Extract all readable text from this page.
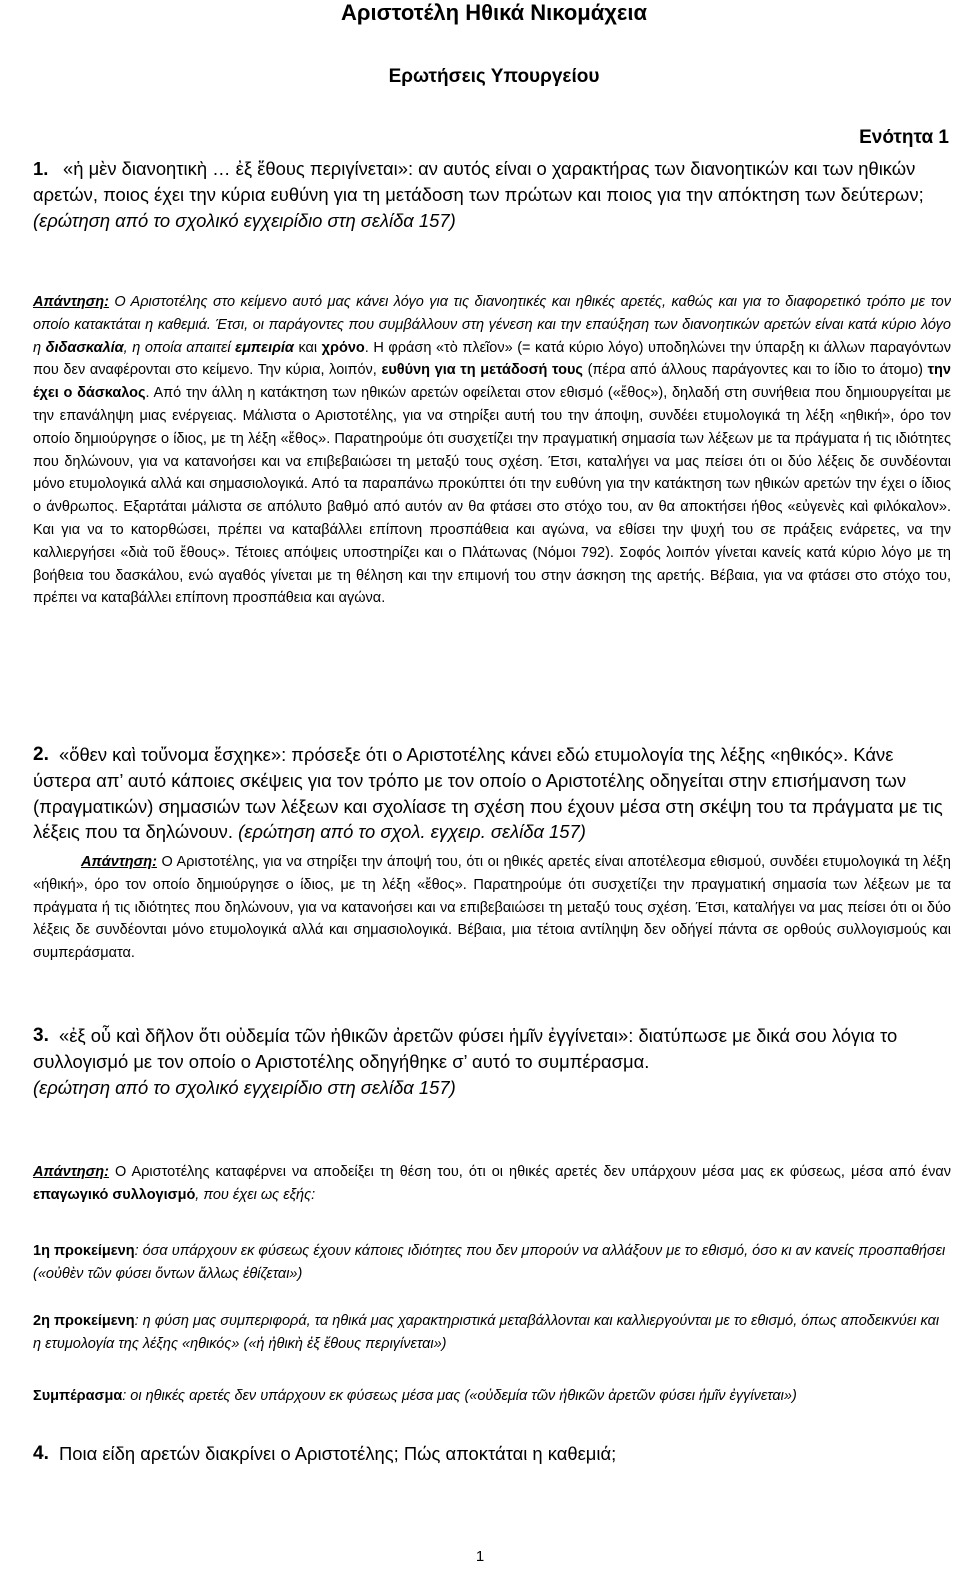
Αριστοτέλη Ηθικά Νικομάχεια
Ερωτήσεις Υπουργείου

Ενότητα 1

1. «ἡ μὲν διανοητικὴ … ἐξ ἔθους περιγίνεται»: αν αυτός είναι ο χαρακτήρας των διανοητικών και των ηθικών αρετών, ποιος έχει την κύρια ευθύνη για τη μετάδοση των πρώτων και ποιος για την απόκτηση των δεύτερων; (ερώτηση από το σχολικό εγχειρίδιο στη σελίδα 157)

Απάντηση: Ο Αριστοτέλης στο κείμενο αυτό μας κάνει λόγο για τις διανοητικές και ηθικές αρετές, καθώς και για το διαφορετικό τρόπο με τον οποίο κατακτάται η καθεμιά. Έτσι, οι παράγοντες που συμβάλλουν στη γένεση και την επαύξηση των διανοητικών αρετών είναι κατά κύριο λόγο η διδασκαλία, η οποία απαιτεί εμπειρία και χρόνο. Η φράση «τὸ πλεῖον» (= κατά κύριο λόγο) υποδηλώνει την ύπαρξη κι άλλων παραγόντων που δεν αναφέρονται στο κείμενο. Την κύρια, λοιπόν, ευθύνη για τη μετάδοσή τους (πέρα από άλλους παράγοντες και το ίδιο το άτομο) την έχει ο δάσκαλος. Από την άλλη η κατάκτηση των ηθικών αρετών οφείλεται στον εθισμό («ἔθος»), δηλαδή στη συνήθεια που δημιουργείται με την επανάληψη μιας ενέργειας. Μάλιστα ο Αριστοτέλης, για να στηρίξει αυτή του την άποψη, συνδέει ετυμολογικά τη λέξη «ηθική», όρο τον οποίο δημιούργησε ο ίδιος, με τη λέξη «ἔθος». Παρατηρούμε ότι συσχετίζει την πραγματική σημασία των λέξεων με τα πράγματα ή τις ιδιότητες που δηλώνουν, για να κατανοήσει και να επιβεβαιώσει τη μεταξύ τους σχέση. Έτσι, καταλήγει να μας πείσει ότι οι δύο λέξεις δε συνδέονται μόνο ετυμολογικά αλλά και σημασιολογικά. Από τα παραπάνω προκύπτει ότι την ευθύνη για την κατάκτηση των ηθικών αρετών την έχει ο ίδιος ο άνθρωπος. Εξαρτάται μάλιστα σε απόλυτο βαθμό από αυτόν αν θα φτάσει στο στόχο του, αν θα αποκτήσει ήθος «εὐγενὲς καὶ φιλόκαλον». Και για να το κατορθώσει, πρέπει να καταβάλλει επίπονη προσπάθεια και αγώνα, να εθίσει την ψυχή του σε πράξεις ενάρετες, να την καλλιεργήσει «διὰ τοῦ ἔθους». Τέτοιες απόψεις υποστηρίζει και ο Πλάτωνας (Νόμοι 792). Σοφός λοιπόν γίνεται κανείς κατά κύριο λόγο με τη βοήθεια του δασκάλου, ενώ αγαθός γίνεται με τη θέληση και την επιμονή του στην άσκηση της αρετής. Βέβαια, για να φτάσει στο στόχο του, πρέπει να καταβάλλει επίπονη προσπάθεια και αγώνα.

2. «ὅθεν καὶ τοὔνομα ἔσχηκε»: πρόσεξε ότι ο Αριστοτέλης κάνει εδώ ετυμολογία της λέξης «ηθικός». Κάνε ύστερα απ’ αυτό κάποιες σκέψεις για τον τρόπο με τον οποίο ο Αριστοτέλης οδηγείται στην επισήμανση των (πραγματικών) σημασιών των λέξεων και σχολίασε τη σχέση που έχουν μέσα στη σκέψη του τα πράγματα με τις λέξεις που τα δηλώνουν. (ερώτηση από το σχολ. εγχειρ. σελίδα 157)

Απάντηση: Ο Αριστοτέλης, για να στηρίξει την άποψή του, ότι οι ηθικές αρετές είναι αποτέλεσμα εθισμού, συνδέει ετυμολογικά τη λέξη «ήθική», όρο τον οποίο δημιούργησε ο ίδιος, με τη λέξη «ἔθος». Παρατηρούμε ότι συσχετίζει την πραγματική σημασία των λέξεων με τα πράγματα ή τις ιδιότητες που δηλώνουν, για να κατανοήσει και να επιβεβαιώσει τη μεταξύ τους σχέση. Έτσι, καταλήγει να μας πείσει ότι οι δύο λέξεις δε συνδέονται μόνο ετυμολογικά αλλά και σημασιολογικά. Βέβαια, μια τέτοια αντίληψη δεν οδήγεί πάντα σε ορθούς συλλογισμούς και συμπεράσματα.

3. «ἐξ οὗ καὶ δῆλον ὅτι οὐδεμία τῶν ἠθικῶν ἀρετῶν φύσει ἡμῖν ἐγγίνεται»: διατύπωσε με δικά σου λόγια το συλλογισμό με τον οποίο ο Αριστοτέλης οδηγήθηκε σ’ αυτό το συμπέρασμα.
(ερώτηση από το σχολικό εγχειρίδιο στη σελίδα 157)

Απάντηση: Ο Αριστοτέλης καταφέρνει να αποδείξει τη θέση του, ότι οι ηθικές αρετές δεν υπάρχουν μέσα μας εκ φύσεως, μέσα από έναν επαγωγικό συλλογισμό, που έχει ως εξής:

1η προκείμενη: όσα υπάρχουν εκ φύσεως έχουν κάποιες ιδιότητες που δεν μπορούν να αλλάξουν με το εθισμό, όσο κι αν κανείς προσπαθήσει («οὐθὲν τῶν φύσει ὄντων ἄλλως ἐθίζεται»)

2η προκείμενη: η φύση μας συμπεριφορά, τα ηθικά μας χαρακτηριστικά μεταβάλλονται και καλλιεργούνται με το εθισμό, όπως αποδεικνύει και η ετυμολογία της λέξης «ηθικός» («ἡ ἠθικὴ ἐξ ἔθους περιγίνεται»)

Συμπέρασμα: οι ηθικές αρετές δεν υπάρχουν εκ φύσεως μέσα μας («οὐδεμία τῶν ἠθικῶν ἀρετῶν φύσει ἡμῖν ἐγγίνεται»)

4. Ποια είδη αρετών διακρίνει ο Αριστοτέλης; Πώς αποκτάται η καθεμιά;

1
